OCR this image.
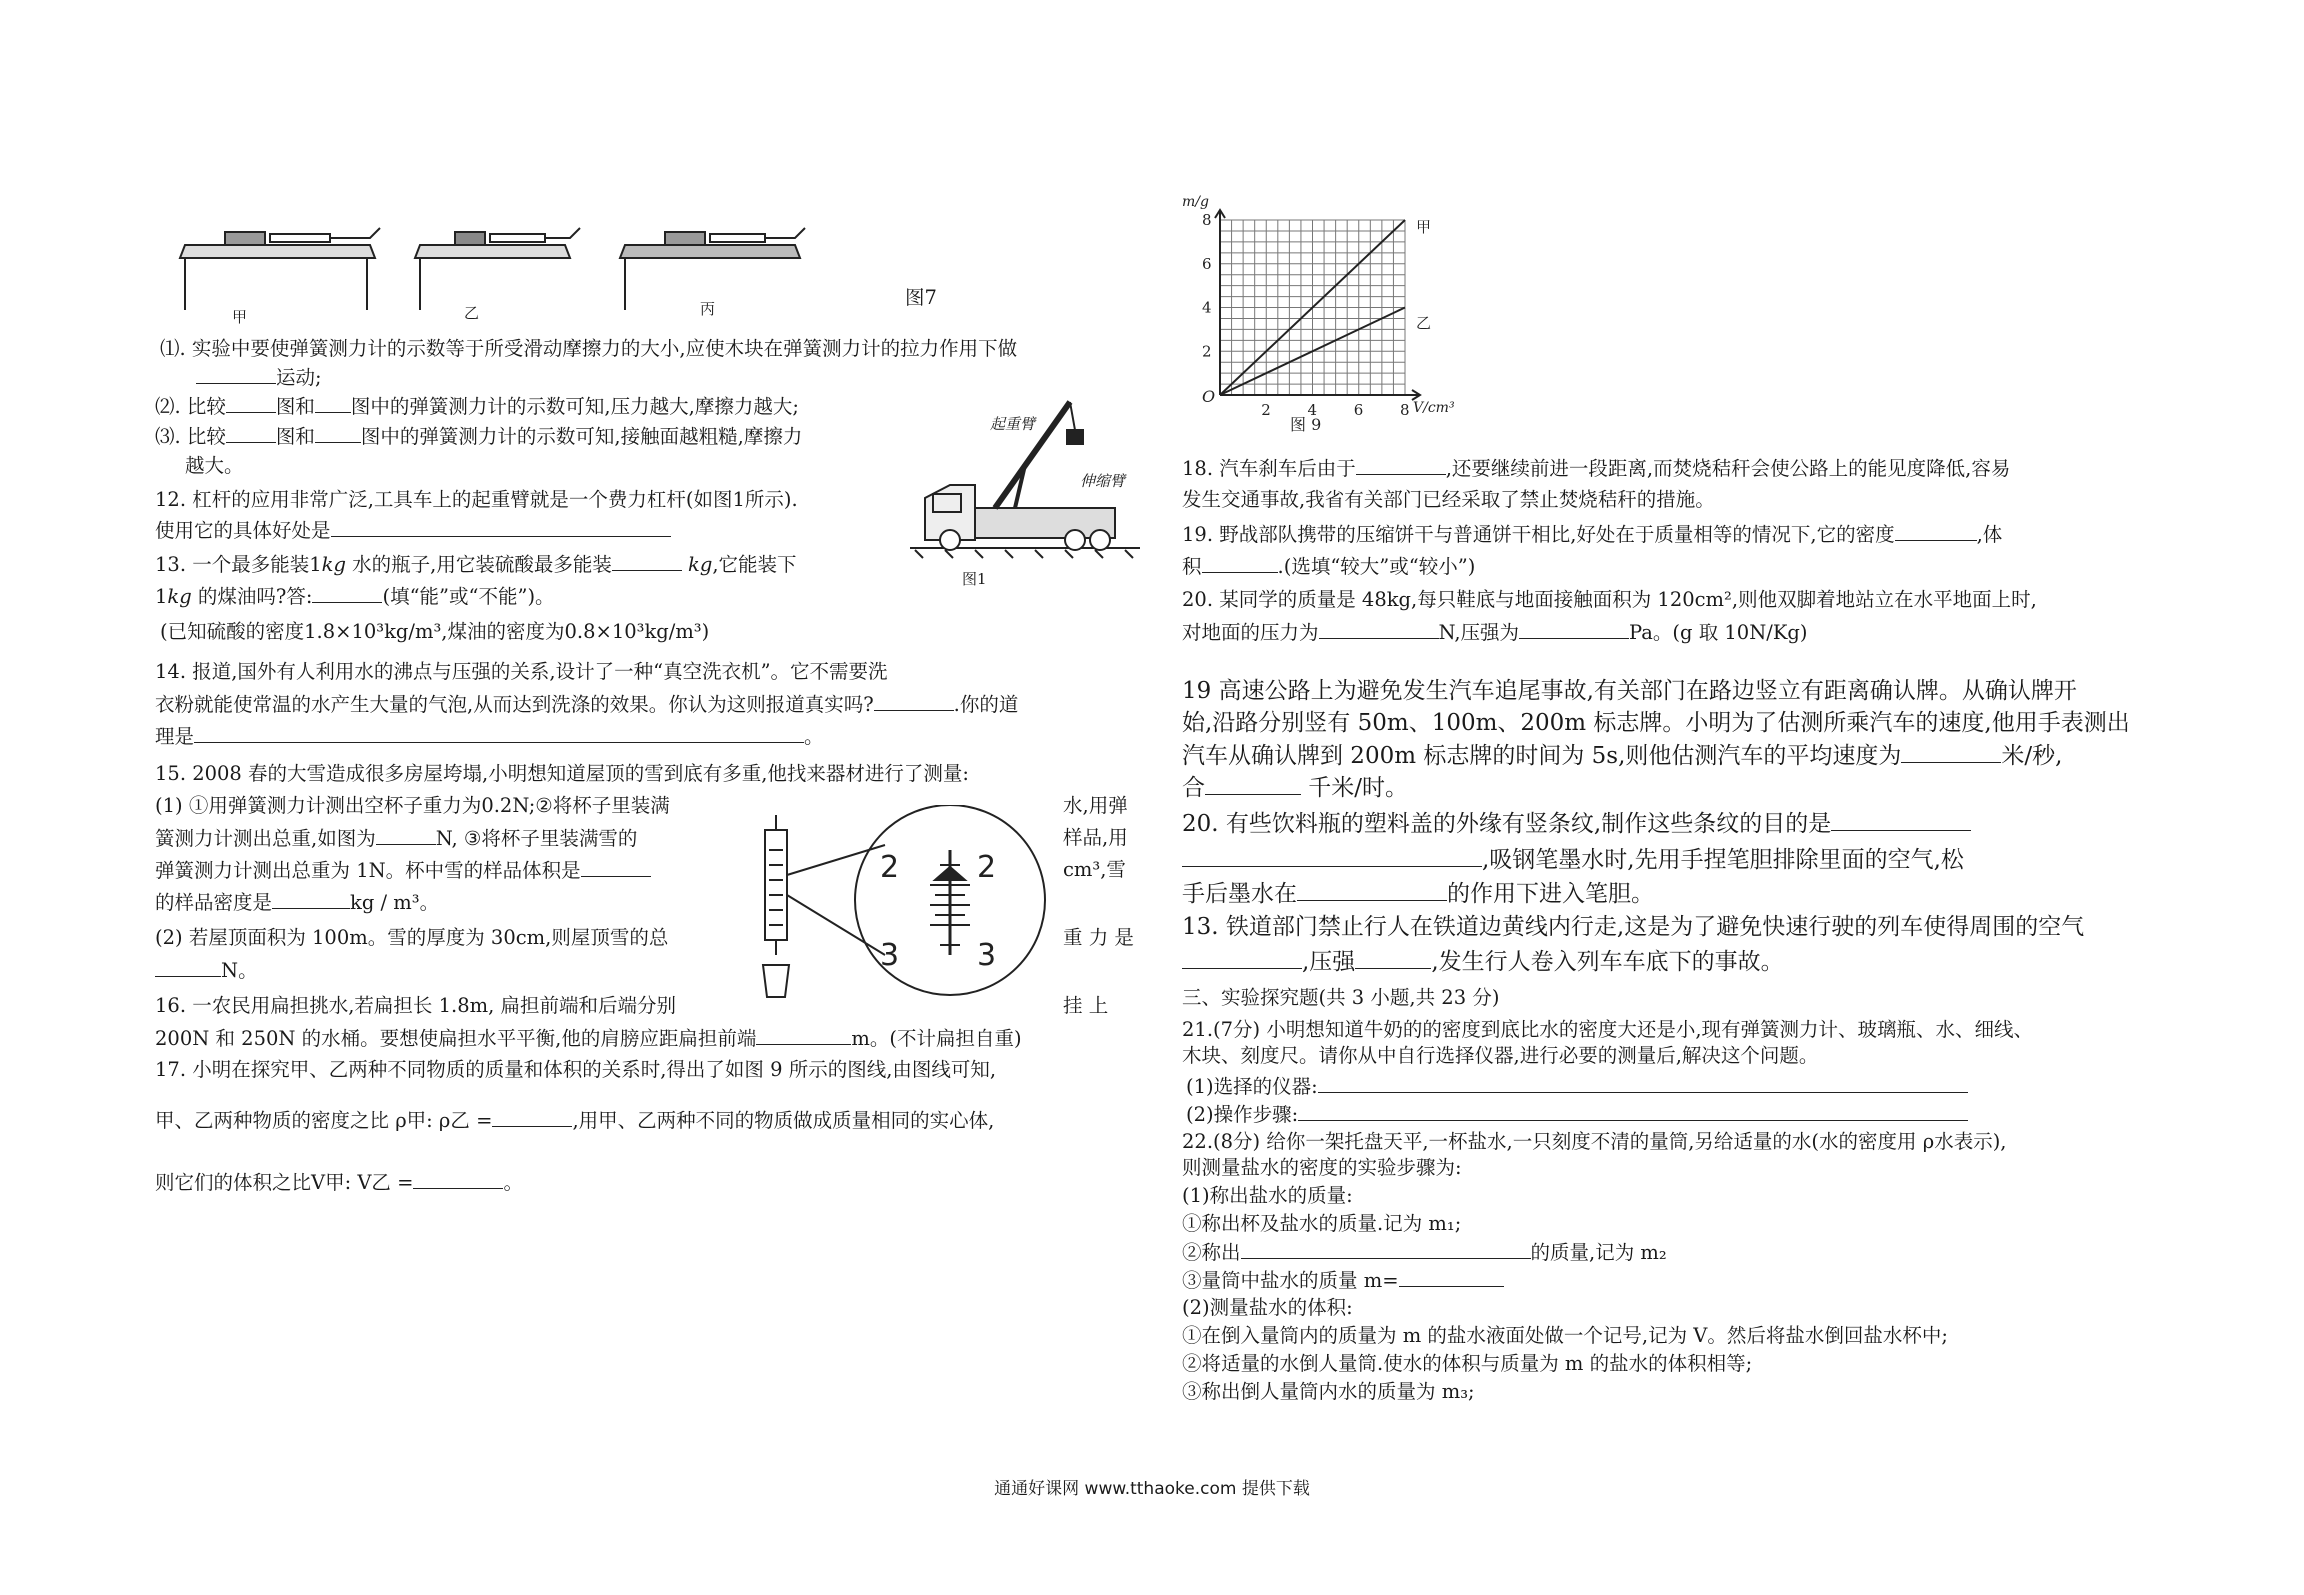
甲	乙	丙	图7
⑴. 实验中要使弹簧测力计的示数等于所受滑动摩擦力的大小,应使木块在弹簧测力计的拉力作用下做
运动;
⑵. 比较	图和 图中的弹簧测力计的示数可知,压力越大,摩擦力越大;
⑶. 比较	图和 图中的弹簧测力计的示数可知,接触面越粗糙,摩擦力
越大。
12. 杠杆的应用非常广泛,工具车上的起重臂就是一个费力杠杆(如图1所示).
使用它的具体好处是
13. 一个最多能装1kg 水的瓶子,用它装硫酸最多能装	kg,它能装下
1kg 的煤油吗?答:	(填“能”或“不能”)。
(已知硫酸的密度1.8×10³kg/m³,煤油的密度为0.8×10³kg/m³)
14. 报道,国外有人利用水的沸点与压强的关系,设计了一种“真空洗衣机”。它不需要洗
衣粉就能使常温的水产生大量的气泡,从而达到洗涤的效果。你认为这则报道真实吗?	.你的道
理是	。
15. 2008 春的大雪造成很多房屋垮塌,小明想知道屋顶的雪到底有多重,他找来器材进行了测量:
(1) ①用弹簧测力计测出空杯子重力为0.2N;②将杯子里装满	水,用弹
簧测力计测出总重,如图为	N, ③将杯子里装满雪的	样品,用
弹簧测力计测出总重为 1N。杯中雪的样品体积是	cm³,雪
的样品密度是	kg / m³。
(2) 若屋顶面积为 100m。雪的厚度为 30cm,则屋顶雪的总	重 力 是
N。
16. 一农民用扁担挑水,若扁担长 1.8m, 扁担前端和后端分别	挂 上
200N 和 250N 的水桶。要想使扁担水平平衡,他的肩膀应距扁担前端	m。(不计扁担自重)
17. 小明在探究甲、乙两种不同物质的质量和体积的关系时,得出了如图 9 所示的图线,由图线可知,
甲、乙两种物质的密度之比 ρ甲: ρ乙 =	,用甲、乙两种不同的物质做成质量相同的实心体,
则它们的体积之比V甲: V乙 =	。
起重臂
伸缩臂
图1
2	2
3	3
2 4 6 8
2
4
6
8
m/g
V/cm³
O
甲
乙
图 9
18. 汽车刹车后由于	,还要继续前进一段距离,而焚烧秸秆会使公路上的能见度降低,容易
发生交通事故,我省有关部门已经采取了禁止焚烧秸秆的措施。
19. 野战部队携带的压缩饼干与普通饼干相比,好处在于质量相等的情况下,它的密度	,体
积	.(选填“较大”或“较小”)
20. 某同学的质量是 48kg,每只鞋底与地面接触面积为 120cm²,则他双脚着地站立在水平地面上时,
对地面的压力为	N,压强为	Pa。(g 取 10N/Kg)
19 高速公路上为避免发生汽车追尾事故,有关部门在路边竖立有距离确认牌。从确认牌开
始,沿路分别竖有 50m、100m、200m 标志牌。小明为了估测所乘汽车的速度,他用手表测出
汽车从确认牌到 200m 标志牌的时间为 5s,则他估测汽车的平均速度为	米/秒,
合	千米/时。
20. 有些饮料瓶的塑料盖的外缘有竖条纹,制作这些条纹的目的是
,吸钢笔墨水时,先用手捏笔胆排除里面的空气,松
手后墨水在	的作用下进入笔胆。
13. 铁道部门禁止行人在铁道边黄线内行走,这是为了避免快速行驶的列车使得周围的空气
,压强	,发生行人卷入列车车底下的事故。
三、实验探究题(共 3 小题,共 23 分)
21.(7分) 小明想知道牛奶的的密度到底比水的密度大还是小,现有弹簧测力计、玻璃瓶、水、细线、
木块、刻度尺。请你从中自行选择仪器,进行必要的测量后,解决这个问题。
(1)选择的仪器:
(2)操作步骤:
22.(8分) 给你一架托盘天平,一杯盐水,一只刻度不清的量筒,另给适量的水(水的密度用 ρ水表示),
则测量盐水的密度的实验步骤为:
(1)称出盐水的质量:
①称出杯及盐水的质量.记为 m₁;
②称出	的质量,记为 m₂
③量筒中盐水的质量 m=
(2)测量盐水的体积:
①在倒入量筒内的质量为 m 的盐水液面处做一个记号,记为 V。然后将盐水倒回盐水杯中;
②将适量的水倒人量筒.使水的体积与质量为 m 的盐水的体积相等;
③称出倒人量筒内水的质量为 m₃;
通通好课网 www.tthaoke.com 提供下载
